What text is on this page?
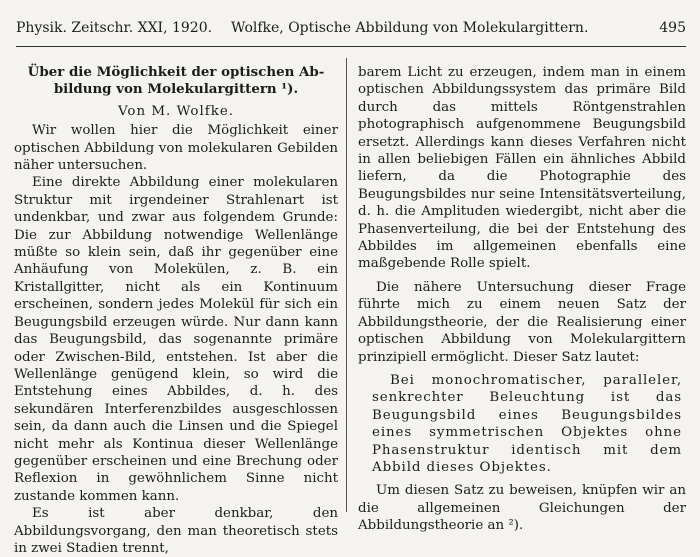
Physik. Zeitschr. XXI, 1920. Wolfke, Optische Abbildung von Molekulargittern.	495
Über die Möglichkeit der optischen Ab-
bildung von Molekulargittern ¹).
Von M. Wolfke.

Wir wollen hier die Möglichkeit einer optischen Abbildung von molekularen Gebilden näher untersuchen.

Eine direkte Abbildung einer molekularen Struktur mit irgendeiner Strahlenart ist undenkbar, und zwar aus folgendem Grunde: Die zur Abbildung notwendige Wellenlänge müßte so klein sein, daß ihr gegenüber eine Anhäufung von Molekülen, z. B. ein Kristallgitter, nicht als ein Kontinuum erscheinen, sondern jedes Molekül für sich ein Beugungsbild erzeugen würde. Nur dann kann das Beugungsbild, das sogenannte primäre oder Zwischen-Bild, entstehen. Ist aber die Wellenlänge genügend klein, so wird die Entstehung eines Abbildes, d. h. des sekundären Interferenzbildes ausgeschlossen sein, da dann auch die Linsen und die Spiegel nicht mehr als Kontinua dieser Wellenlänge gegenüber erscheinen und eine Brechung oder Reflexion in gewöhnlichem Sinne nicht zustande kommen kann.

Es ist aber denkbar, den Abbildungsvorgang, den man theoretisch stets in zwei Stadien trennt,

barem Licht zu erzeugen, indem man in einem optischen Abbildungssystem das primäre Bild durch das mittels Röntgenstrahlen photographisch aufgenommene Beugungsbild ersetzt. Allerdings kann dieses Verfahren nicht in allen beliebigen Fällen ein ähnliches Abbild liefern, da die Photographie des Beugungsbildes nur seine Intensitätsverteilung, d. h. die Amplituden wiedergibt, nicht aber die Phasenverteilung, die bei der Entstehung des Abbildes im allgemeinen ebenfalls eine maßgebende Rolle spielt.

Die nähere Untersuchung dieser Frage führte mich zu einem neuen Satz der Abbildungstheorie, der die Realisierung einer optischen Abbildung von Molekulargittern prinzipiell ermöglicht. Dieser Satz lautet:

Bei monochromatischer, paralleler, senkrechter Beleuchtung ist das Beugungsbild eines Beugungsbildes eines symmetrischen Objektes ohne Phasenstruktur identisch mit dem Abbild dieses Objektes.

Um diesen Satz zu beweisen, knüpfen wir an die allgemeinen Gleichungen der Abbildungstheorie an ²).
